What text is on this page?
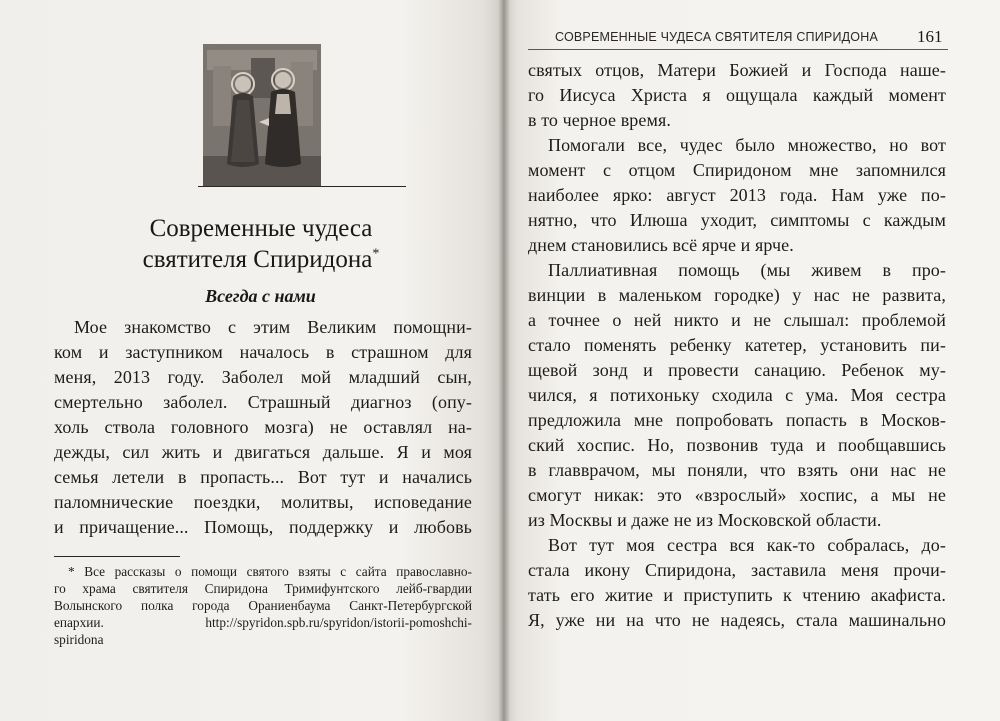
Современные чудеса
святителя Спиридона*
Всегда с нами
Мое знакомство с этим Великим помощни-
ком и заступником началось в страшном для
меня, 2013 году. Заболел мой младший сын,
смертельно заболел. Страшный диагноз (опу-
холь ствола головного мозга) не оставлял на-
дежды, сил жить и двигаться дальше. Я и моя
семья летели в пропасть... Вот тут и начались
паломнические поездки, молитвы, исповедание
и причащение... Помощь, поддержку и любовь
* Все рассказы о помощи святого взяты с сайта православно-
го храма святителя Спиридона Тримифунтского лейб-гвардии
Волынского полка города Ораниенбаума Санкт-Петербургской
епархии. http://spyridon.spb.ru/spyridon/istorii-pomoshchi-
spiridona

СОВРЕМЕННЫЕ ЧУДЕСА СВЯТИТЕЛЯ СПИРИДОНА 161

святых отцов, Матери Божией и Господа наше-
го Иисуса Христа я ощущала каждый момент
в то черное время.
Помогали все, чудес было множество, но вот
момент с отцом Спиридоном мне запомнился
наиболее ярко: август 2013 года. Нам уже по-
нятно, что Илюша уходит, симптомы с каждым
днем становились всё ярче и ярче.
Паллиативная помощь (мы живем в про-
винции в маленьком городке) у нас не развита,
а точнее о ней никто и не слышал: проблемой
стало поменять ребенку катетер, установить пи-
щевой зонд и провести санацию. Ребенок му-
чился, я потихоньку сходила с ума. Моя сестра
предложила мне попробовать попасть в Москов-
ский хоспис. Но, позвонив туда и пообщавшись
в главврачом, мы поняли, что взять они нас не
смогут никак: это «взрослый» хоспис, а мы не
из Москвы и даже не из Московской области.
Вот тут моя сестра вся как-то собралась, до-
стала икону Спиридона, заставила меня прочи-
тать его житие и приступить к чтению акафиста.
Я, уже ни на что не надеясь, стала машинально
